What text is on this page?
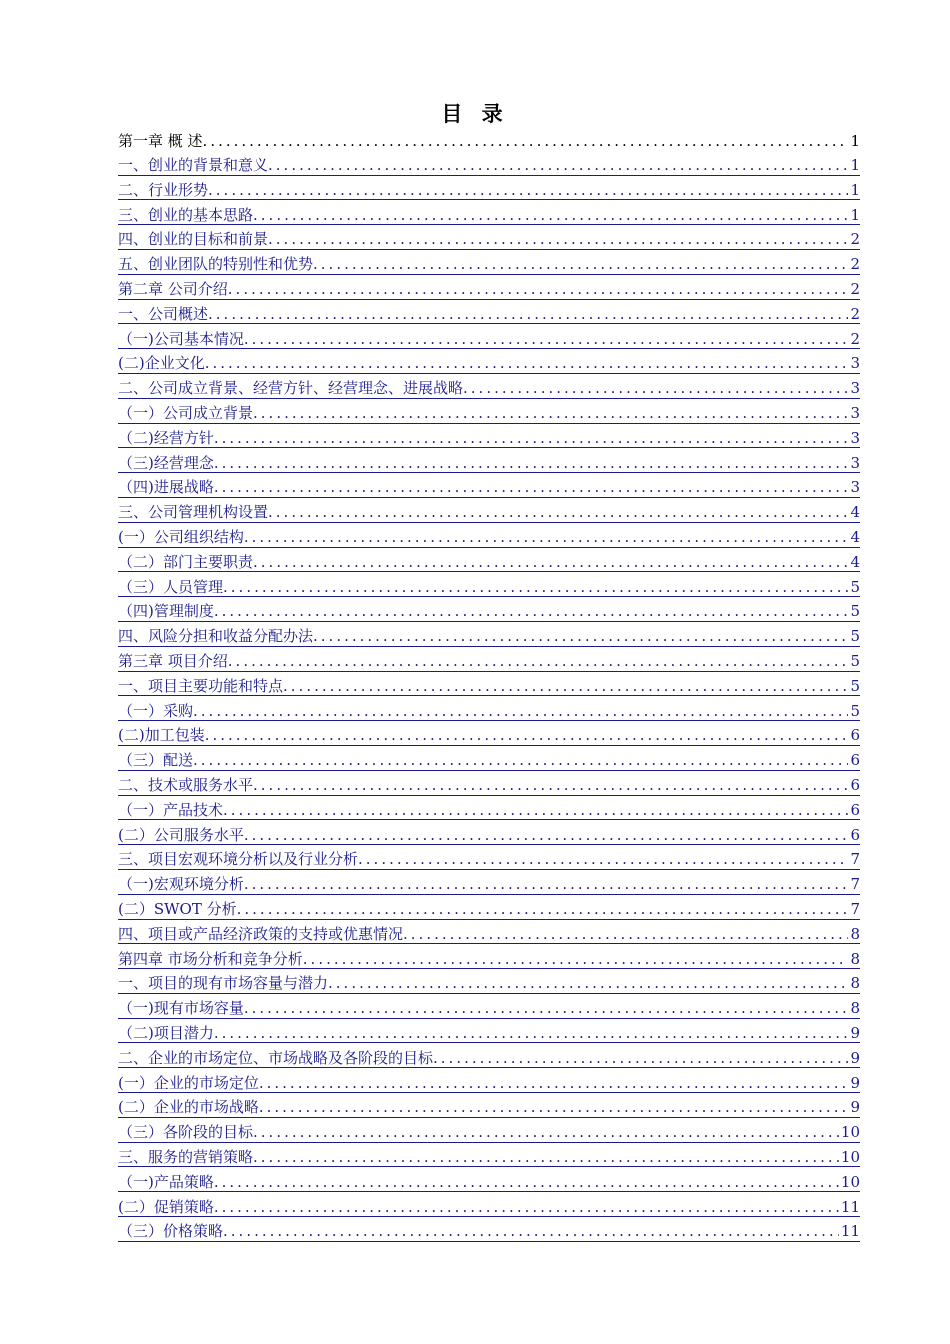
目 录
第一章 概 述 .....	1
一、创业的背景和意义 .....	1
二、行业形势 .....	1
三、创业的基本思路 .....	1
四、创业的目标和前景 .....	2
五、创业团队的特别性和优势 .....	2
第二章 公司介绍 .....	2
一、公司概述 .....	2
（一)公司基本情况 .....	2
(二)企业文化 .....	3
二、公司成立背景、经营方针、经营理念、进展战略 .....	3
（一）公司成立背景 .....	3
（二)经营方针 .....	3
（三)经营理念 .....	3
（四)进展战略 .....	3
三、公司管理机构设置 .....	4
(一）公司组织结构 .....	4
（二）部门主要职责 .....	4
（三）人员管理 .....	5
（四)管理制度 .....	5
四、风险分担和收益分配办法 .....	5
第三章 项目介绍 .....	5
一、项目主要功能和特点 .....	5
（一）采购 .....	5
(二)加工包装 .....	6
（三）配送 .....	6
二、技术或服务水平 .....	6
（一）产品技术 .....	6
(二）公司服务水平 .....	6
三、项目宏观环境分析以及行业分析 .....	7
（一)宏观环境分析 .....	7
(二）SWOT 分析 .....	7
四、项目或产品经济政策的支持或优惠情况 .....	8
第四章 市场分析和竞争分析 .....	8
一、项目的现有市场容量与潜力 .....	8
（一)现有市场容量 .....	8
（二)项目潜力 .....	9
二、企业的市场定位、市场战略及各阶段的目标 .....	9
(一）企业的市场定位 .....	9
(二）企业的市场战略 .....	9
（三）各阶段的目标 .....	10
三、服务的营销策略 .....	10
（一)产品策略 .....	10
(二）促销策略 .....	11
（三）价格策略 .....	11
